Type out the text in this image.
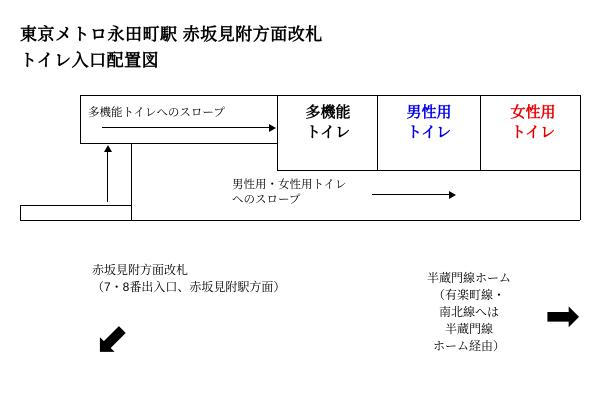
東京メトロ永田町駅 赤坂見附方面改札
トイレ入口配置図
多機能
トイレ
男性用
トイレ
女性用
トイレ
多機能トイレへのスロープ
男性用・女性用トイレ
へのスロープ
赤坂見附方面改札
（7・8番出入口、赤坂見附駅方面）
⬋
半蔵門線ホーム
（有楽町線・
南北線へは
半蔵門線
ホーム経由）
➡
